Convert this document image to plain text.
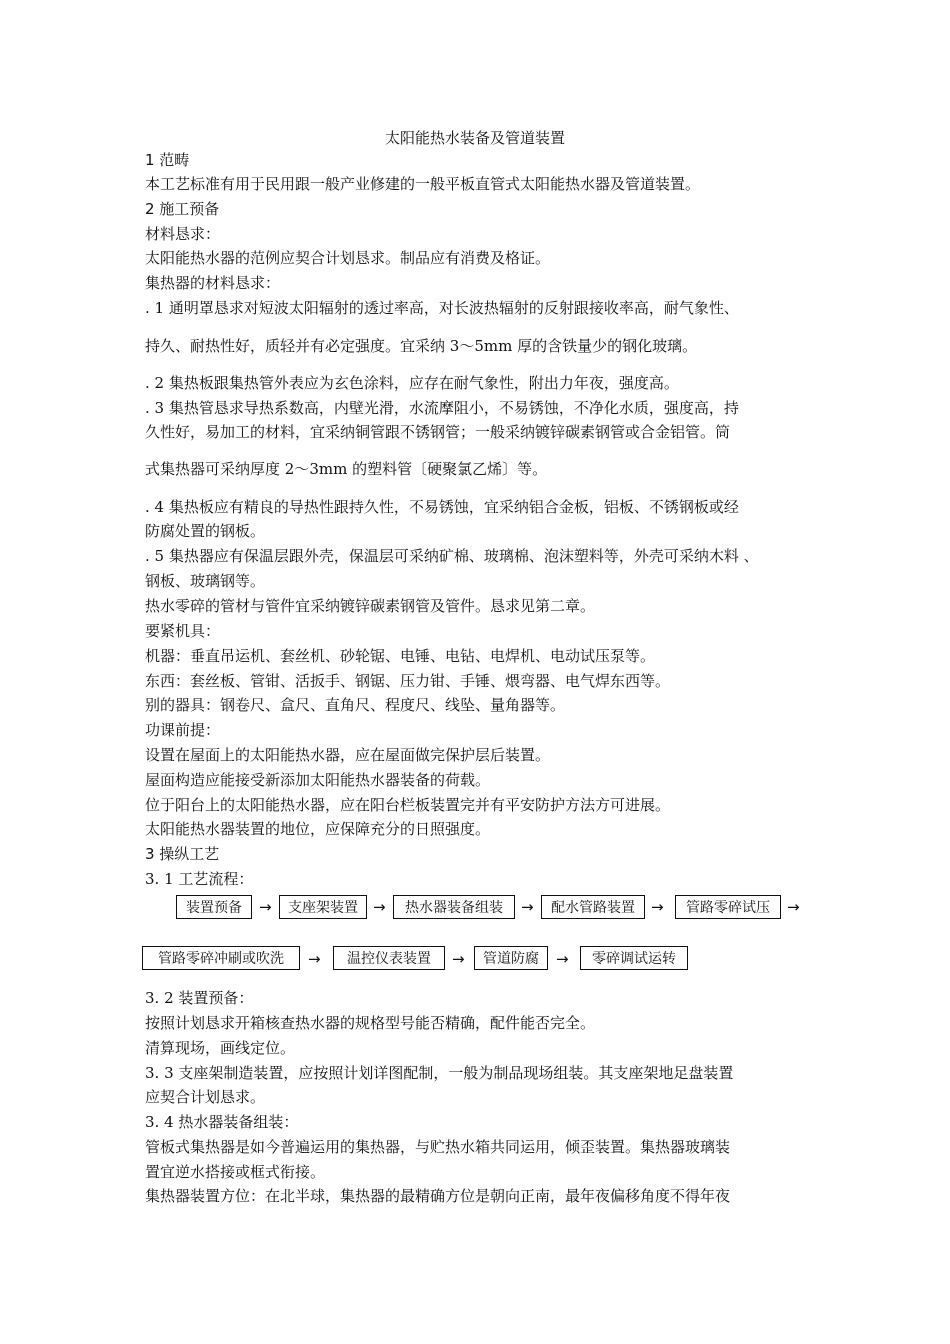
太阳能热水装备及管道装置
1 范畴
本工艺标准有用于民用跟一般产业修建的一般平板直管式太阳能热水器及管道装置。
2 施工预备
材料恳求：
太阳能热水器的范例应契合计划恳求。制品应有消费及格证。
集热器的材料恳求：
. 1 通明罩恳求对短波太阳辐射的透过率高，对长波热辐射的反射跟接收率高，耐气象性、
持久、耐热性好，质轻并有必定强度。宜采纳 3～5mm 厚的含铁量少的钢化玻璃。
. 2 集热板跟集热管外表应为玄色涂料，应存在耐气象性，附出力年夜，强度高。
. 3 集热管恳求导热系数高，内壁光滑，水流摩阻小，不易锈蚀，不净化水质，强度高，持
久性好，易加工的材料，宜采纳铜管跟不锈钢管；一般采纳镀锌碳素钢管或合金铝管。筒
式集热器可采纳厚度 2～3mm 的塑料管〔硬聚氯乙烯〕等。
. 4 集热板应有精良的导热性跟持久性，不易锈蚀，宜采纳铝合金板，铝板、不锈钢板或经
防腐处置的钢板。
. 5 集热器应有保温层跟外壳，保温层可采纳矿棉、玻璃棉、泡沫塑料等，外壳可采纳木料 、
钢板、玻璃钢等。
热水零碎的管材与管件宜采纳镀锌碳素钢管及管件。恳求见第二章。
要紧机具：
机器：垂直吊运机、套丝机、砂轮锯、电锤、电钻、电焊机、电动试压泵等。
东西：套丝板、管钳、活扳手、钢锯、压力钳、手锤、煨弯器、电气焊东西等。
别的器具：钢卷尺、盒尺、直角尺、程度尺、线坠、量角器等。
功课前提：
设置在屋面上的太阳能热水器，应在屋面做完保护层后装置。
屋面构造应能接受新添加太阳能热水器装备的荷载。
位于阳台上的太阳能热水器，应在阳台栏板装置完并有平安防护方法方可进展。
太阳能热水器装置的地位，应保障充分的日照强度。
3 操纵工艺
3. 1 工艺流程：
装置预备	→	支座架装置	→	热水器装备组装	→	配水管路装置	→	管路零碎试压	→
管路零碎冲刷或吹洗	→	温控仪表装置	→	管道防腐	→	零碎调试运转
3. 2 装置预备：
按照计划恳求开箱核查热水器的规格型号能否精确，配件能否完全。
清算现场，画线定位。
3. 3 支座架制造装置，应按照计划详图配制，一般为制品现场组装。其支座架地足盘装置
应契合计划恳求。
3. 4 热水器装备组装：
管板式集热器是如今普遍运用的集热器，与贮热水箱共同运用，倾歪装置。集热器玻璃装
置宜逆水搭接或框式衔接。
集热器装置方位：在北半球，集热器的最精确方位是朝向正南，最年夜偏移角度不得年夜
